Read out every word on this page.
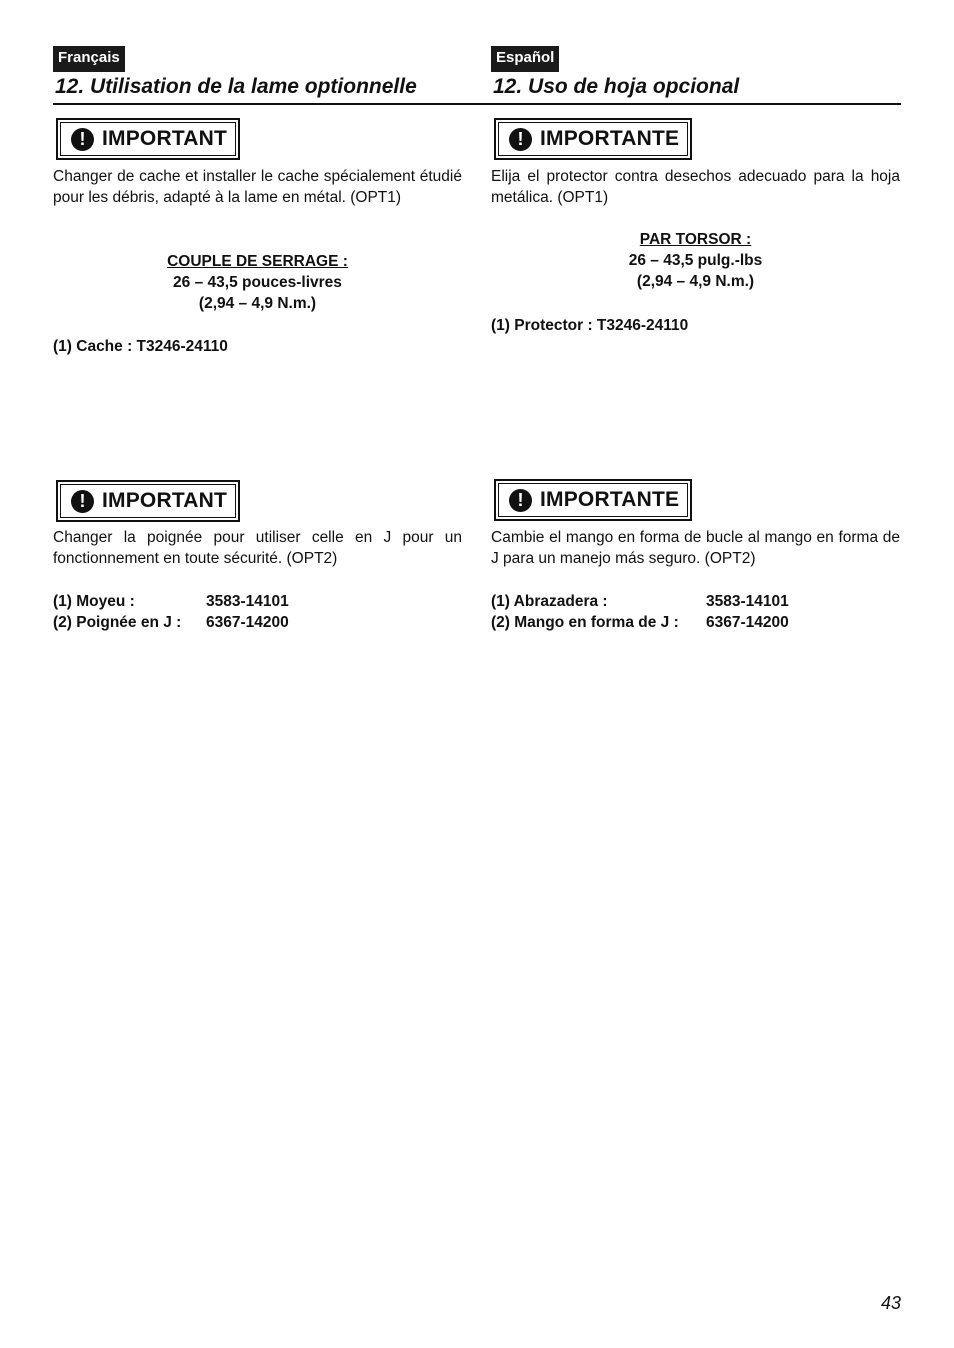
Français
12. Utilisation de la lame optionnelle
! IMPORTANT

Changer de cache et installer le cache spécialement étudié pour les débris, adapté à la lame en métal. (OPT1)

COUPLE DE SERRAGE :
26 – 43,5 pouces-livres
(2,94 – 4,9 N.m.)
(1) Cache : T3246-24110
! IMPORTANT

Changer la poignée pour utiliser celle en J pour un fonctionnement en toute sécurité. (OPT2)

(1) Moyeu :	3583-14101
(2) Poignée en J :	6367-14200
Español
12. Uso de hoja opcional
! IMPORTANTE

Elija el protector contra desechos adecuado para la hoja metálica. (OPT1)

PAR TORSOR :
26 – 43,5 pulg.-lbs
(2,94 – 4,9 N.m.)
(1) Protector : T3246-24110
! IMPORTANTE

Cambie el mango en forma de bucle al mango en forma de J para un manejo más seguro. (OPT2)

(1) Abrazadera :	3583-14101
(2) Mango en forma de J :	6367-14200
43
